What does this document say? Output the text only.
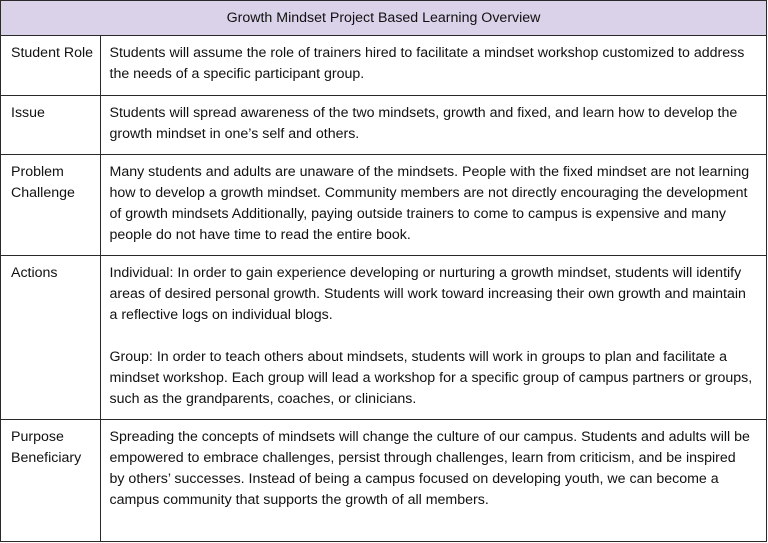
Growth Mindset Project Based Learning Overview	
Student Role	Students will assume the role of trainers hired to facilitate a mindset workshop customized to address the needs of a specific participant group.

Issue	Students will spread awareness of the two mindsets, growth and fixed, and learn how to develop the growth mindset in one’s self and others.

Problem Challenge	Many students and adults are unaware of the mindsets. People with the fixed mindset are not learning how to develop a growth mindset. Community members are not directly encouraging the development of growth mindsets Additionally, paying outside trainers to come to campus is expensive and many people do not have time to read the entire book.

Actions	Individual: In order to gain experience developing or nurturing a growth mindset, students will identify areas of desired personal growth. Students will work toward increasing their own growth and maintain a reflective logs on individual blogs.
Group: In order to teach others about mindsets, students will work in groups to plan and facilitate a mindset workshop. Each group will lead a workshop for a specific group of campus partners or groups, such as the grandparents, coaches, or clinicians.

Purpose Beneficiary	Spreading the concepts of mindsets will change the culture of our campus. Students and adults will be empowered to embrace challenges, persist through challenges, learn from criticism, and be inspired by others’ successes. Instead of being a campus focused on developing youth, we can become a campus community that supports the growth of all members.
